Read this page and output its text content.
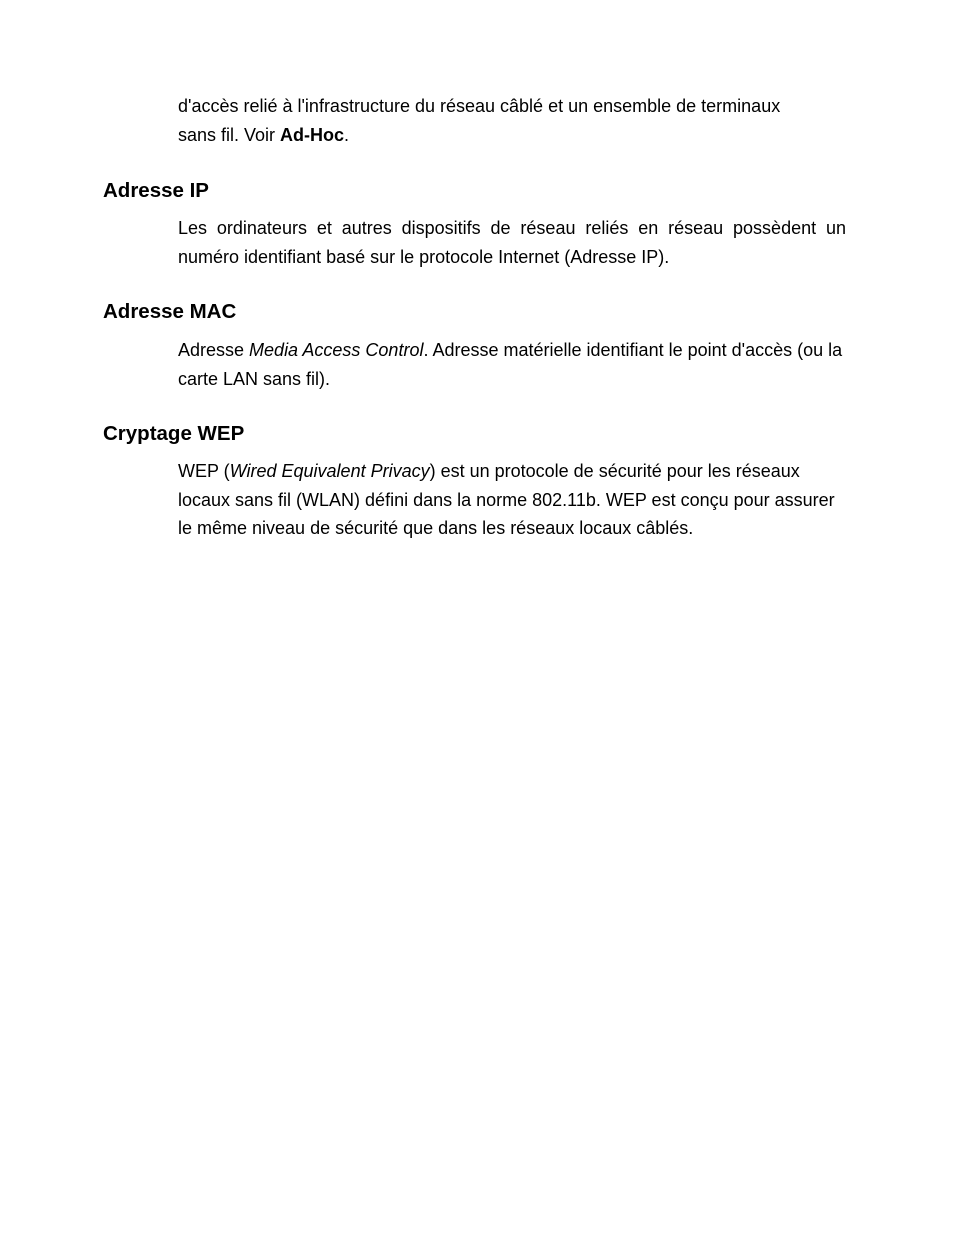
d'accès relié à l'infrastructure du réseau câblé et un ensemble de terminaux
sans fil. Voir Ad-Hoc.

Adresse IP

Les ordinateurs et autres dispositifs de réseau reliés en réseau possèdent un numéro identifiant basé sur le protocole Internet (Adresse IP).

Adresse MAC

Adresse Media Access Control. Adresse matérielle identifiant le point d'accès (ou la carte LAN sans fil).

Cryptage WEP

WEP (Wired Equivalent Privacy) est un protocole de sécurité pour les réseaux locaux sans fil (WLAN) défini dans la norme 802.11b. WEP est conçu pour assurer le même niveau de sécurité que dans les réseaux locaux câblés.
